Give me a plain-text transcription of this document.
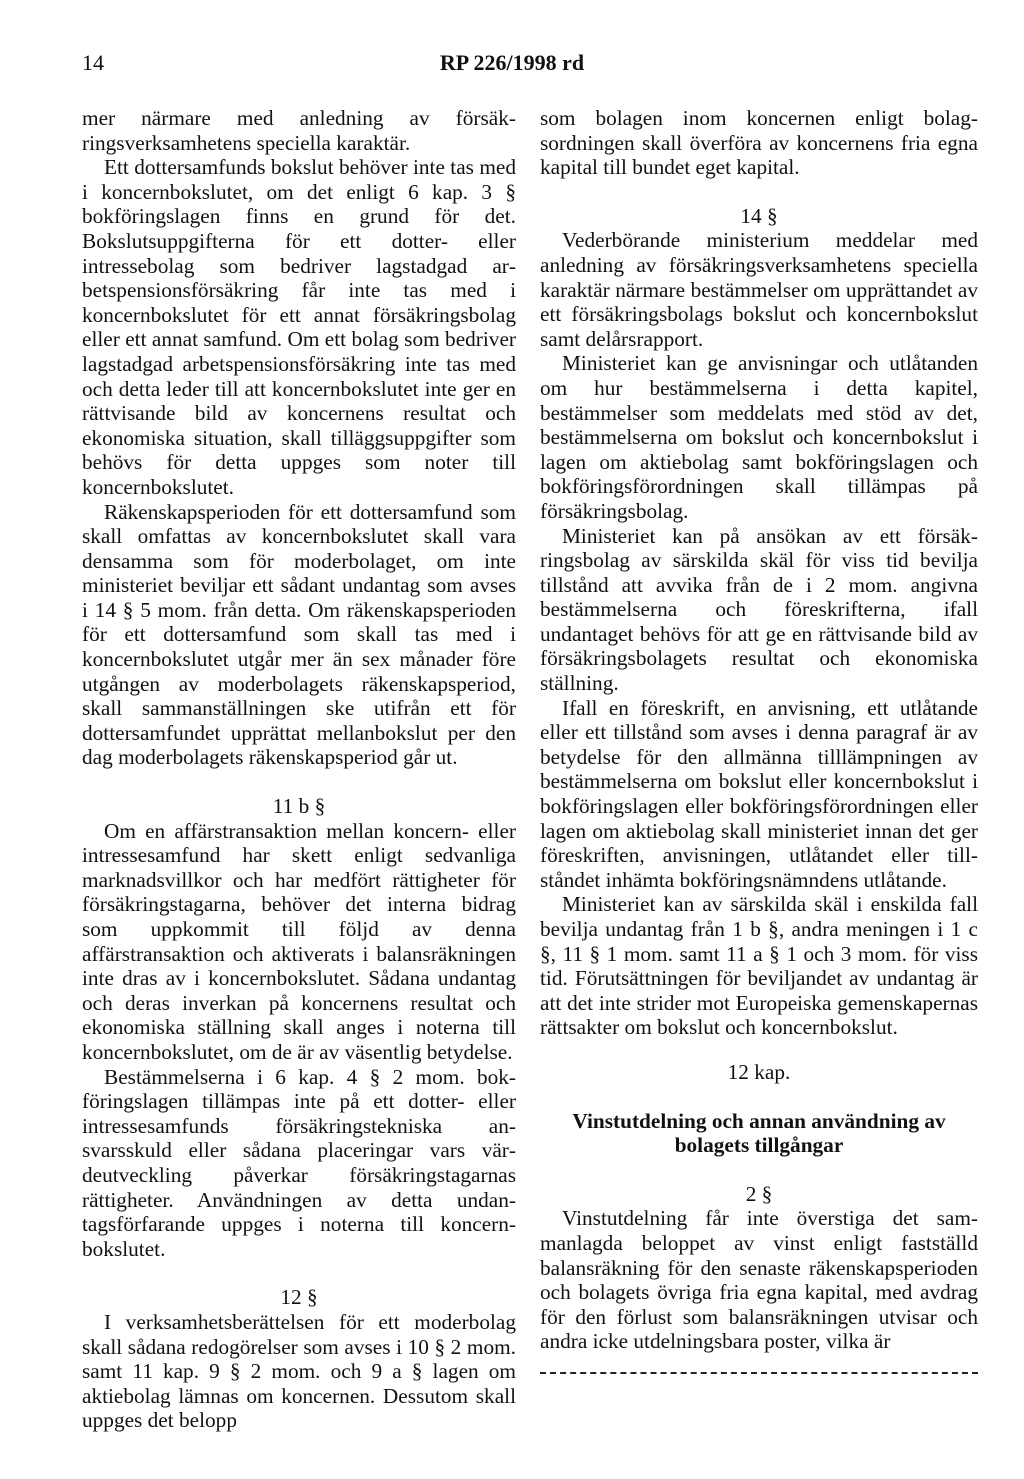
14	RP 226/1998 rd

mer närmare med anledning av försäkringsverksamhetens speciella karaktär.

Ett dottersamfunds bokslut behöver inte tas med i koncernbokslutet, om det enligt 6 kap. 3 § bokföringslagen finns en grund för det. Bokslutsuppgifterna för ett dotter- eller intressebolag som bedriver lagstadgad arbetspensionsförsäkring får inte tas med i koncernbokslutet för ett annat försäkringsbolag eller ett annat samfund. Om ett bolag som bedriver lagstadgad arbetspensionsförsäkring inte tas med och detta leder till att koncernbokslutet inte ger en rättvisande bild av koncernens resultat och ekonomiska situation, skall tilläggsuppgifter som behövs för detta uppges som noter till koncernbokslutet.

Räkenskapsperioden för ett dottersamfund som skall omfattas av koncernbokslutet skall vara densamma som för moderbolaget, om inte ministeriet beviljar ett sådant undantag som avses i 14 § 5 mom. från detta. Om räkenskapsperioden för ett dottersamfund som skall tas med i koncernbokslutet utgår mer än sex månader före utgången av moderbolagets räkenskapsperiod, skall sammanställningen ske utifrån ett för dottersamfundet upprättat mellanbokslut per den dag moderbolagets räkenskapsperiod går ut.

11 b §

Om en affärstransaktion mellan koncern- eller intressesamfund har skett enligt sedvanliga marknadsvillkor och har medfört rättigheter för försäkringstagarna, behöver det interna bidrag som uppkommit till följd av denna affärstransaktion och aktiverats i balansräkningen inte dras av i koncernbokslutet. Sådana undantag och deras inverkan på koncernens resultat och ekonomiska ställning skall anges i noterna till koncernbokslutet, om de är av väsentlig betydelse.

Bestämmelserna i 6 kap. 4 § 2 mom. bokföringslagen tillämpas inte på ett dotter- eller intressesamfunds försäkringstekniska ansvarsskuld eller sådana placeringar vars värdeutveckling påverkar försäkringstagarnas rättigheter. Användningen av detta undantagsförfarande uppges i noterna till koncernbokslutet.

12 §

I verksamhetsberättelsen för ett moderbolag skall sådana redogörelser som avses i 10 § 2 mom. samt 11 kap. 9 § 2 mom. och 9 a § lagen om aktiebolag lämnas om koncernen. Dessutom skall uppges det belopp

som bolagen inom koncernen enligt bolagsordningen skall överföra av koncernens fria egna kapital till bundet eget kapital.

14 §

Vederbörande ministerium meddelar med anledning av försäkringsverksamhetens speciella karaktär närmare bestämmelser om upprättandet av ett försäkringsbolags bokslut och koncernbokslut samt delårsrapport.

Ministeriet kan ge anvisningar och utlåtanden om hur bestämmelserna i detta kapitel, bestämmelser som meddelats med stöd av det, bestämmelserna om bokslut och koncernbokslut i lagen om aktiebolag samt bokföringslagen och bokföringsförordningen skall tillämpas på försäkringsbolag.

Ministeriet kan på ansökan av ett försäkringsbolag av särskilda skäl för viss tid bevilja tillstånd att avvika från de i 2 mom. angivna bestämmelserna och föreskrifterna, ifall undantaget behövs för att ge en rättvisande bild av försäkringsbolagets resultat och ekonomiska ställning.

Ifall en föreskrift, en anvisning, ett utlåtande eller ett tillstånd som avses i denna paragraf är av betydelse för den allmänna tilllämpningen av bestämmelserna om bokslut eller koncernbokslut i bokföringslagen eller bokföringsförordningen eller lagen om aktiebolag skall ministeriet innan det ger föreskriften, anvisningen, utlåtandet eller tillståndet inhämta bokföringsnämndens utlåtande.

Ministeriet kan av särskilda skäl i enskilda fall bevilja undantag från 1 b §, andra meningen i 1 c §, 11 § 1 mom. samt 11 a § 1 och 3 mom. för viss tid. Förutsättningen för beviljandet av undantag är att det inte strider mot Europeiska gemenskapernas rättsakter om bokslut och koncernbokslut.

12 kap.

Vinstutdelning och annan användning av bolagets tillgångar

2 §

Vinstutdelning får inte överstiga det sammanlagda beloppet av vinst enligt fastställd balansräkning för den senaste räkenskapsperioden och bolagets övriga fria egna kapital, med avdrag för den förlust som balansräkningen utvisar och andra icke utdelningsbara poster, vilka är
